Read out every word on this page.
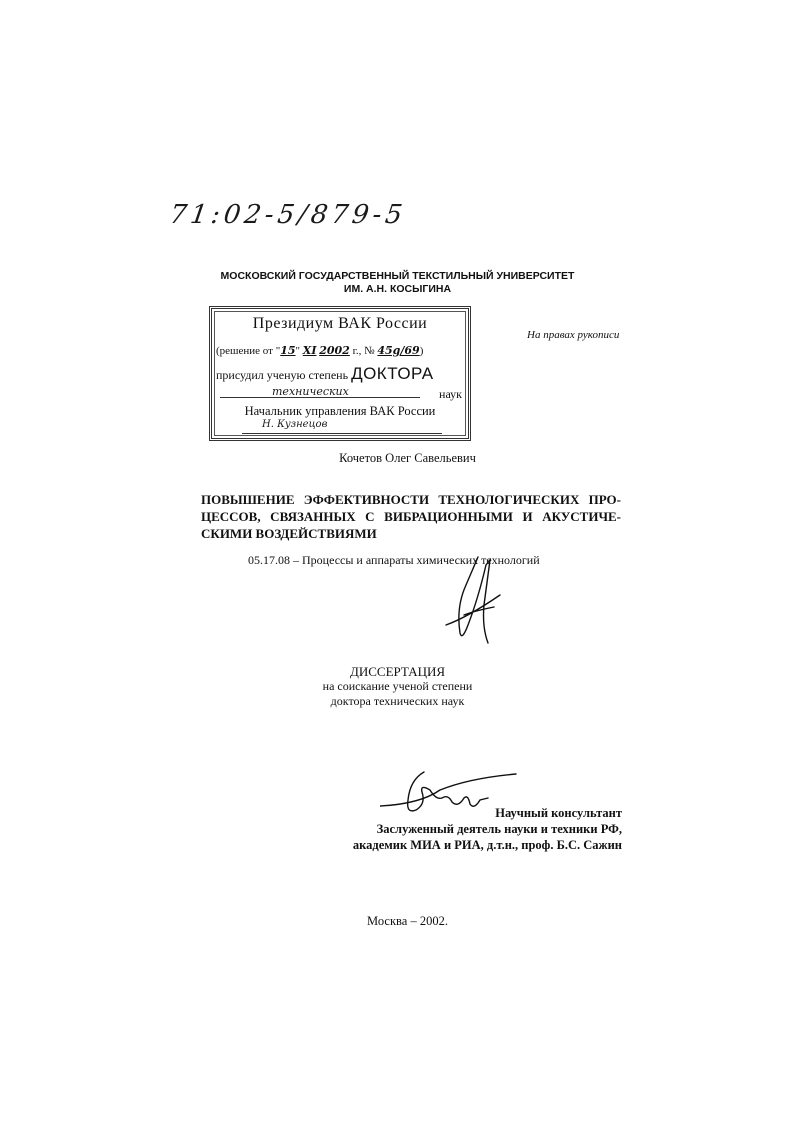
71:02-5/879-5
МОСКОВСКИЙ ГОСУДАРСТВЕННЫЙ ТЕКСТИЛЬНЫЙ УНИВЕРСИТЕТ
ИМ. А.Н. КОСЫГИНА
Президиум ВАК России
(решение от "15" XI 2002 г., № 45g/69)
присудил ученую степень ДОКТОРА
технических	наук
Начальник управления ВАК России
Н. Кузнецов
На правах рукописи
Кочетов Олег Савельевич
ПОВЫШЕНИЕ ЭФФЕКТИВНОСТИ ТЕХНОЛОГИЧЕСКИХ ПРО-ЦЕССОВ, СВЯЗАННЫХ С ВИБРАЦИОННЫМИ И АКУСТИЧЕ-СКИМИ ВОЗДЕЙСТВИЯМИ
05.17.08 – Процессы и аппараты химических технологий
ДИССЕРТАЦИЯ
на соискание ученой степени
доктора технических наук
Научный консультант
Заслуженный деятель науки и техники РФ,
академик МИА и РИА, д.т.н., проф. Б.С. Сажин
Москва – 2002.
